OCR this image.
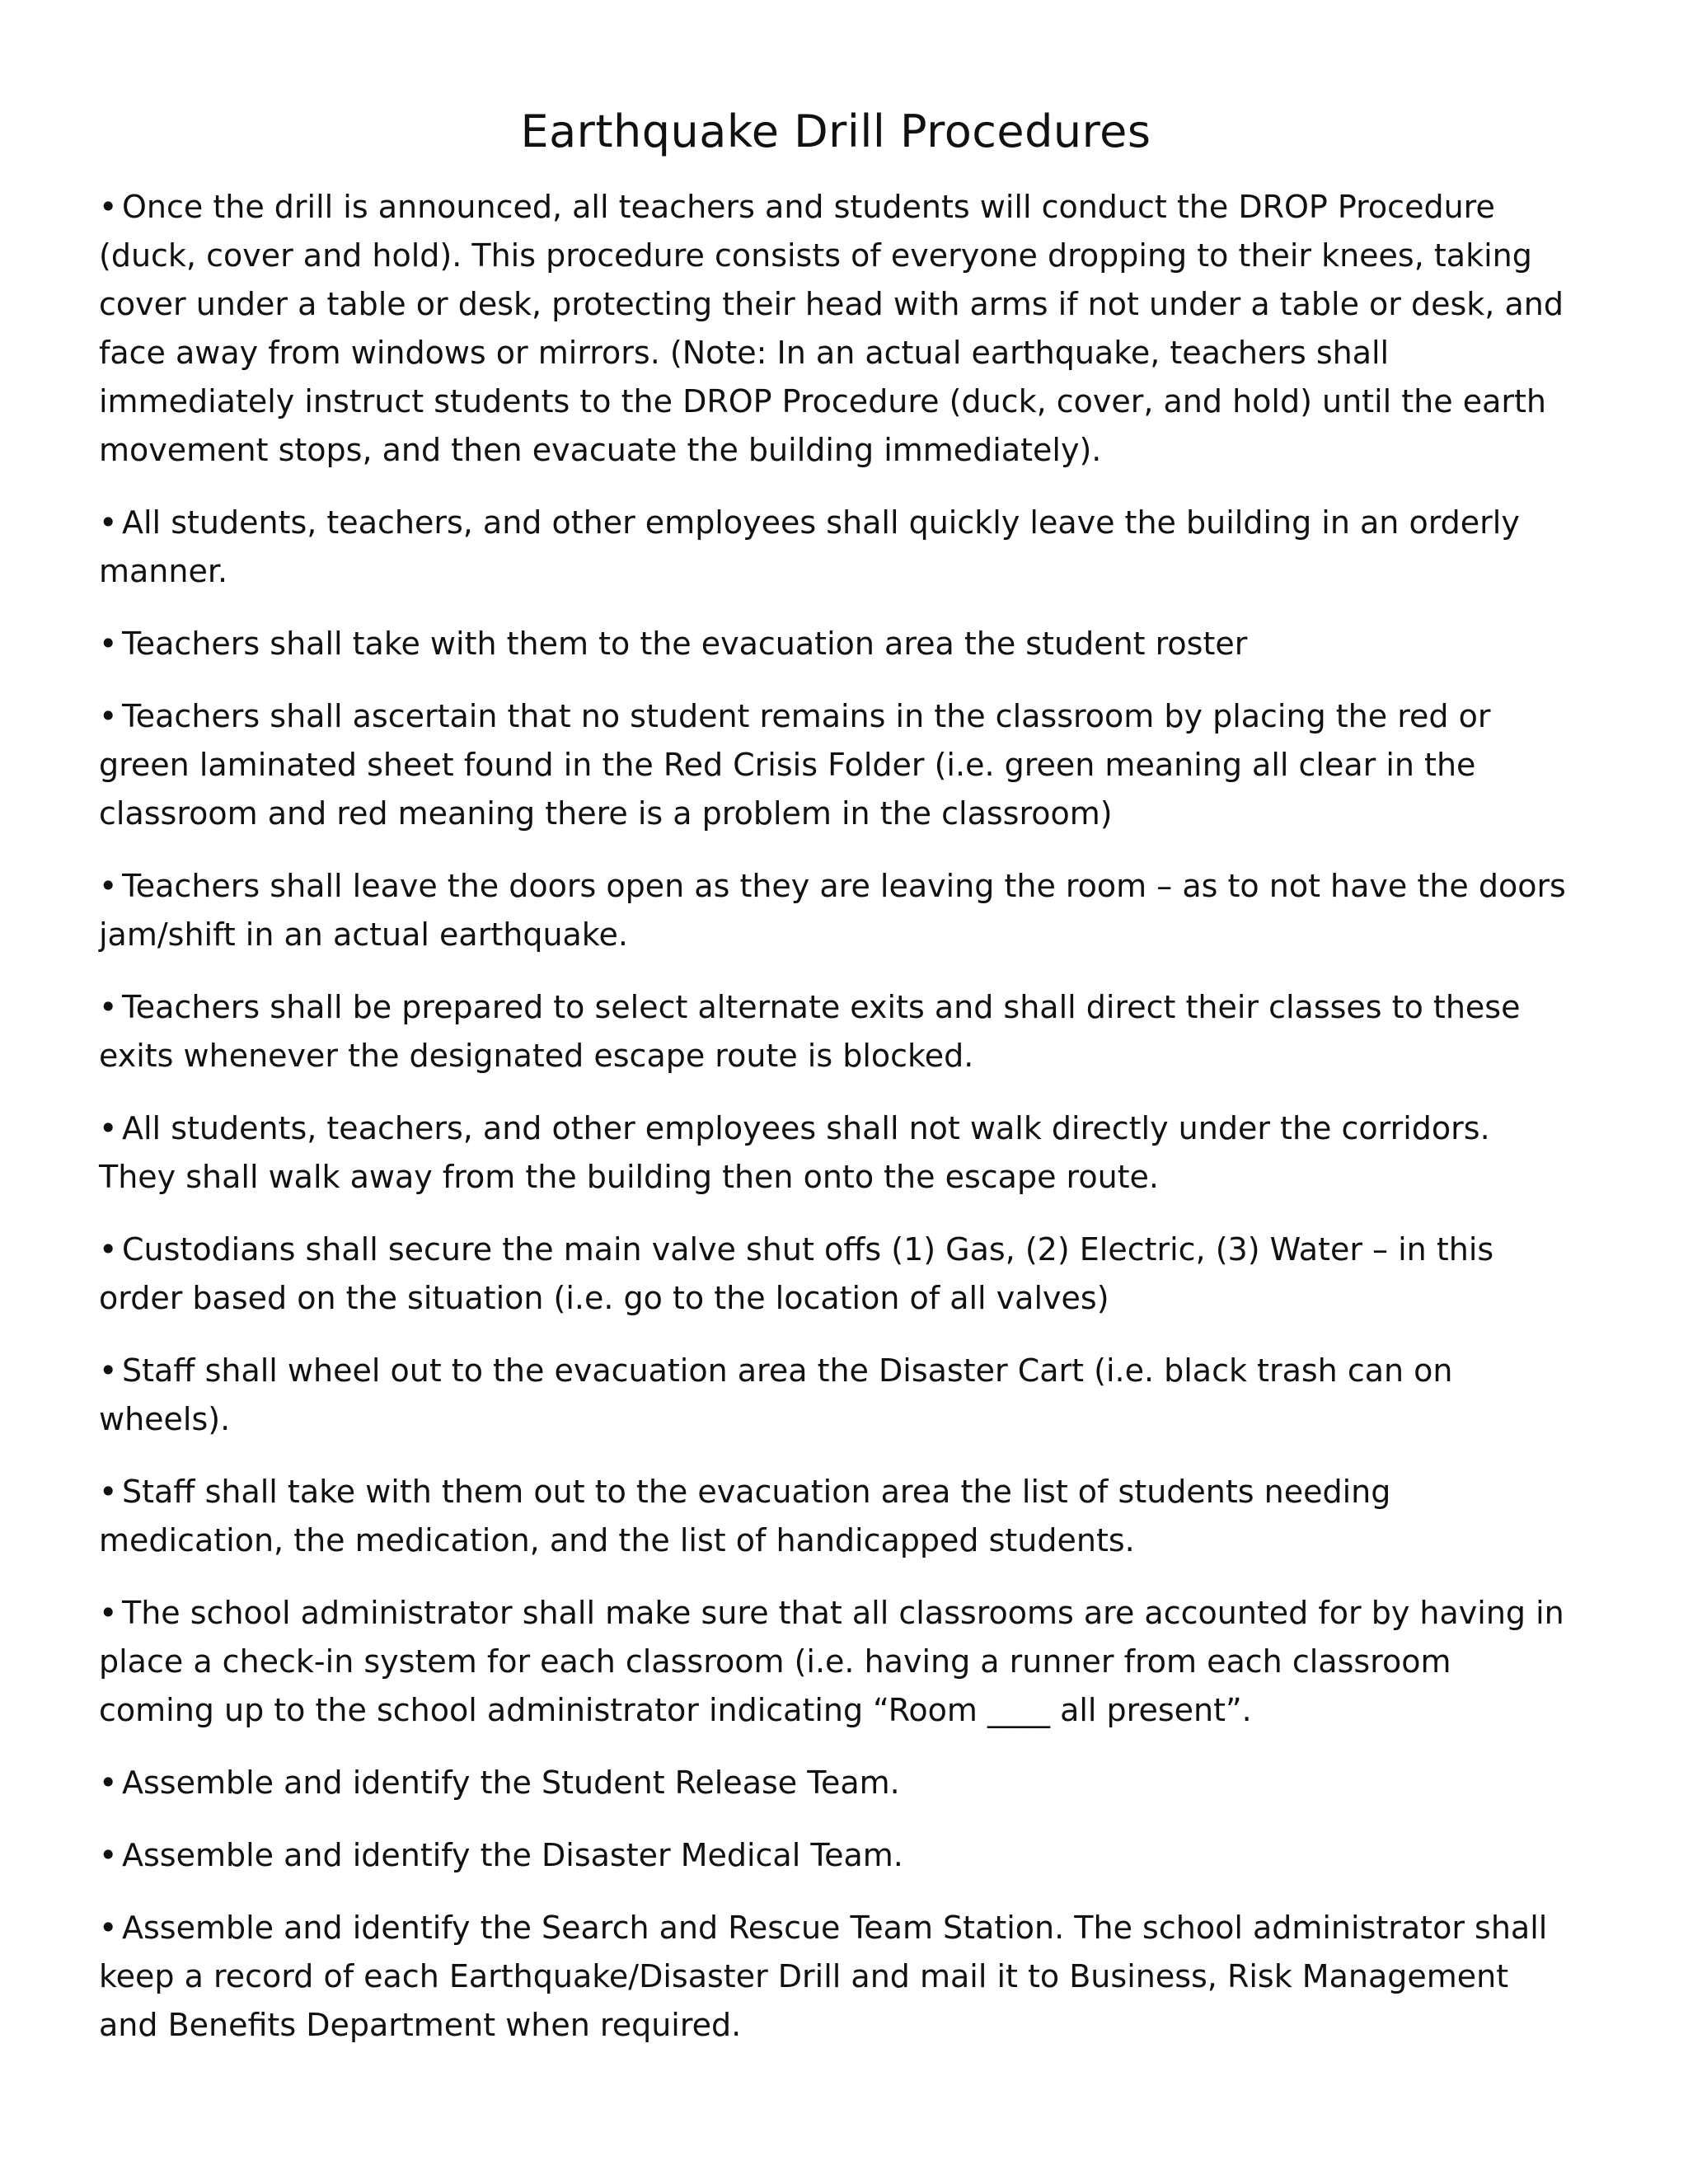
Earthquake Drill Procedures
• Once the drill is announced, all teachers and students will conduct the DROP Procedure (duck, cover and hold). This procedure consists of everyone dropping to their knees, taking cover under a table or desk, protecting their head with arms if not under a table or desk, and face away from windows or mirrors. (Note: In an actual earthquake, teachers shall immediately instruct students to the DROP Procedure (duck, cover, and hold) until the earth movement stops, and then evacuate the building immediately).
• All students, teachers, and other employees shall quickly leave the building in an orderly manner.
• Teachers shall take with them to the evacuation area the student roster
• Teachers shall ascertain that no student remains in the classroom by placing the red or green laminated sheet found in the Red Crisis Folder (i.e. green meaning all clear in the classroom and red meaning there is a problem in the classroom)
• Teachers shall leave the doors open as they are leaving the room – as to not have the doors jam/shift in an actual earthquake.
• Teachers shall be prepared to select alternate exits and shall direct their classes to these exits whenever the designated escape route is blocked.
• All students, teachers, and other employees shall not walk directly under the corridors. They shall walk away from the building then onto the escape route.
• Custodians shall secure the main valve shut offs (1) Gas, (2) Electric, (3) Water – in this order based on the situation (i.e. go to the location of all valves)
• Staff shall wheel out to the evacuation area the Disaster Cart (i.e. black trash can on wheels).
• Staff shall take with them out to the evacuation area the list of students needing medication, the medication, and the list of handicapped students.
• The school administrator shall make sure that all classrooms are accounted for by having in place a check-in system for each classroom (i.e. having a runner from each classroom coming up to the school administrator indicating “Room ____ all present”.
• Assemble and identify the Student Release Team.
• Assemble and identify the Disaster Medical Team.
• Assemble and identify the Search and Rescue Team Station. The school administrator shall keep a record of each Earthquake/Disaster Drill and mail it to Business, Risk Management and Benefits Department when required.
